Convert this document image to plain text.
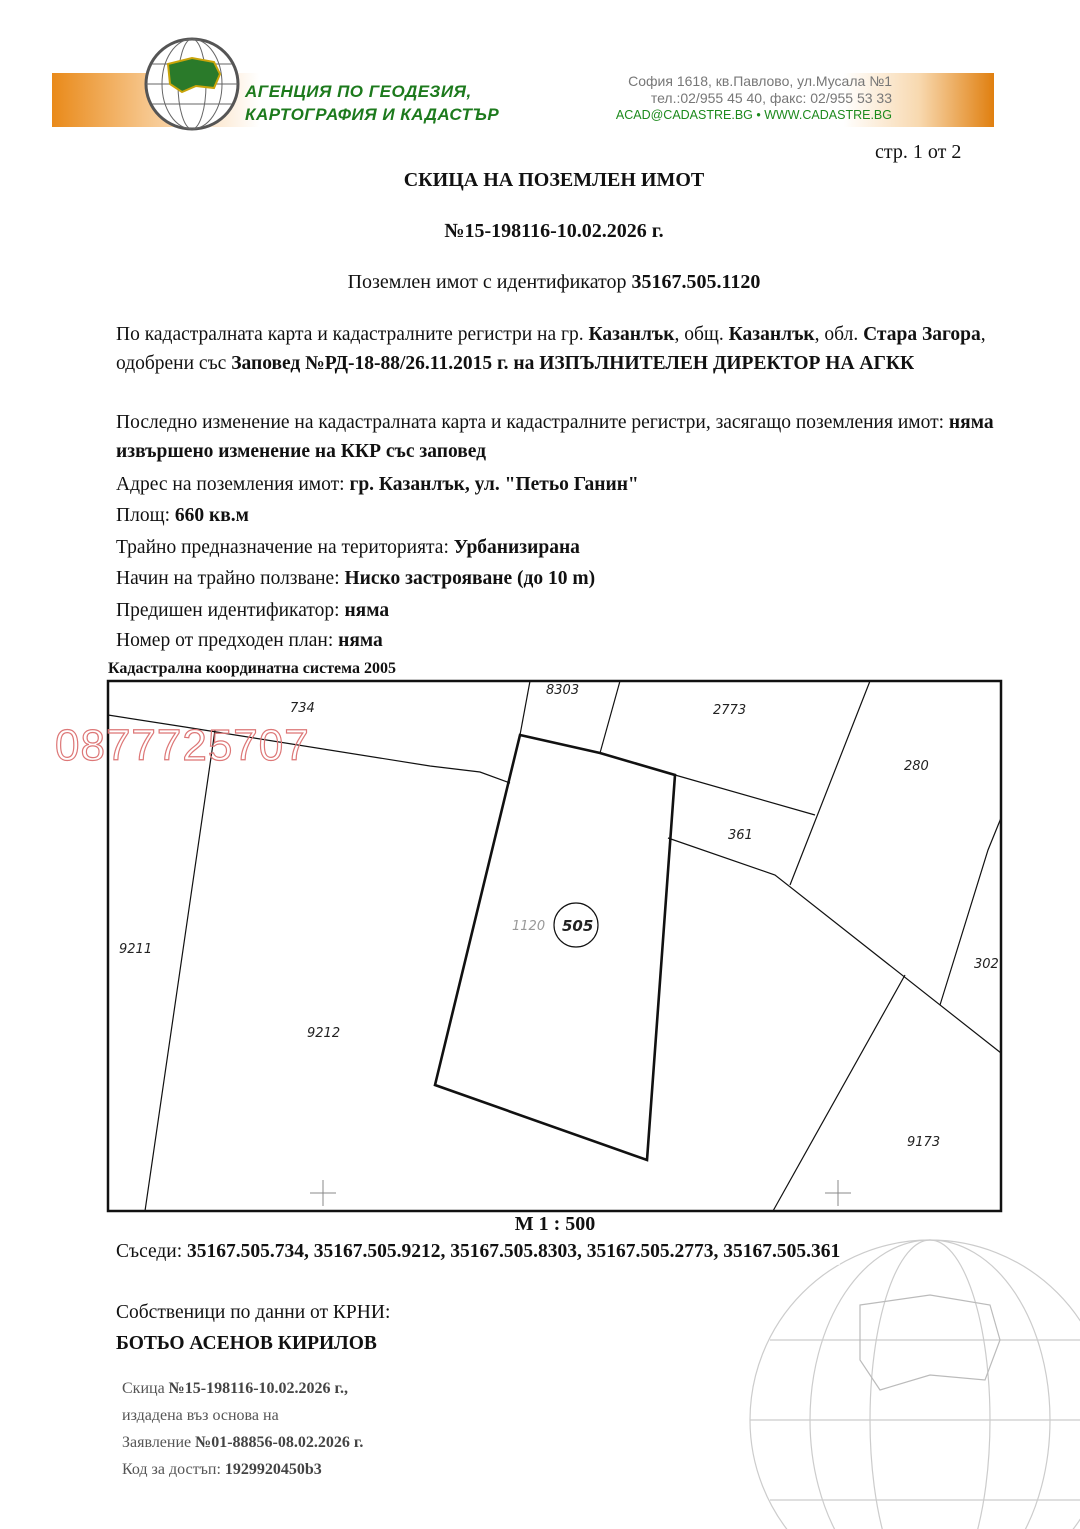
АГЕНЦИЯ ПО ГЕОДЕЗИЯ,
КАРТОГРАФИЯ И КАДАСТЪР
София 1618, кв.Павлово, ул.Мусала №1
тел.:02/955 45 40, факс: 02/955 53 33
ACAD@CADASTRE.BG • WWW.CADASTRE.BG
стр. 1 от 2
СКИЦА НА ПОЗЕМЛЕН ИМОТ
№15-198116-10.02.2026 г.
Поземлен имот с идентификатор 35167.505.1120
По кадастралната карта и кадастралните регистри на гр. Казанлък, общ. Казанлък, обл. Стара Загора, одобрени със Заповед №РД-18-88/26.11.2015 г. на ИЗПЪЛНИТЕЛЕН ДИРЕКТОР НА АГКК
Последно изменение на кадастралната карта и кадастралните регистри, засягащо поземления имот: няма извършено изменение на ККР със заповед
Адрес на поземления имот: гр. Казанлък, ул. "Петьо Ганин"
Площ: 660 кв.м
Трайно предназначение на територията: Урбанизирана
Начин на трайно ползване: Ниско застрояване (до 10 m)
Предишен идентификатор: няма
Номер от предходен план: няма
Кадастрална координатна система 2005
8303
734	2773
280
361
9211
9212
302
9173
1120 505
0877725707
М 1 : 500
Съседи: 35167.505.734, 35167.505.9212, 35167.505.8303, 35167.505.2773, 35167.505.361
Собственици по данни от КРНИ:
БОТЬО АСЕНОВ КИРИЛОВ
Скица №15-198116-10.02.2026 г.,
издадена въз основа на
Заявление №01-88856-08.02.2026 г.
Код за достъп: 1929920450b3
